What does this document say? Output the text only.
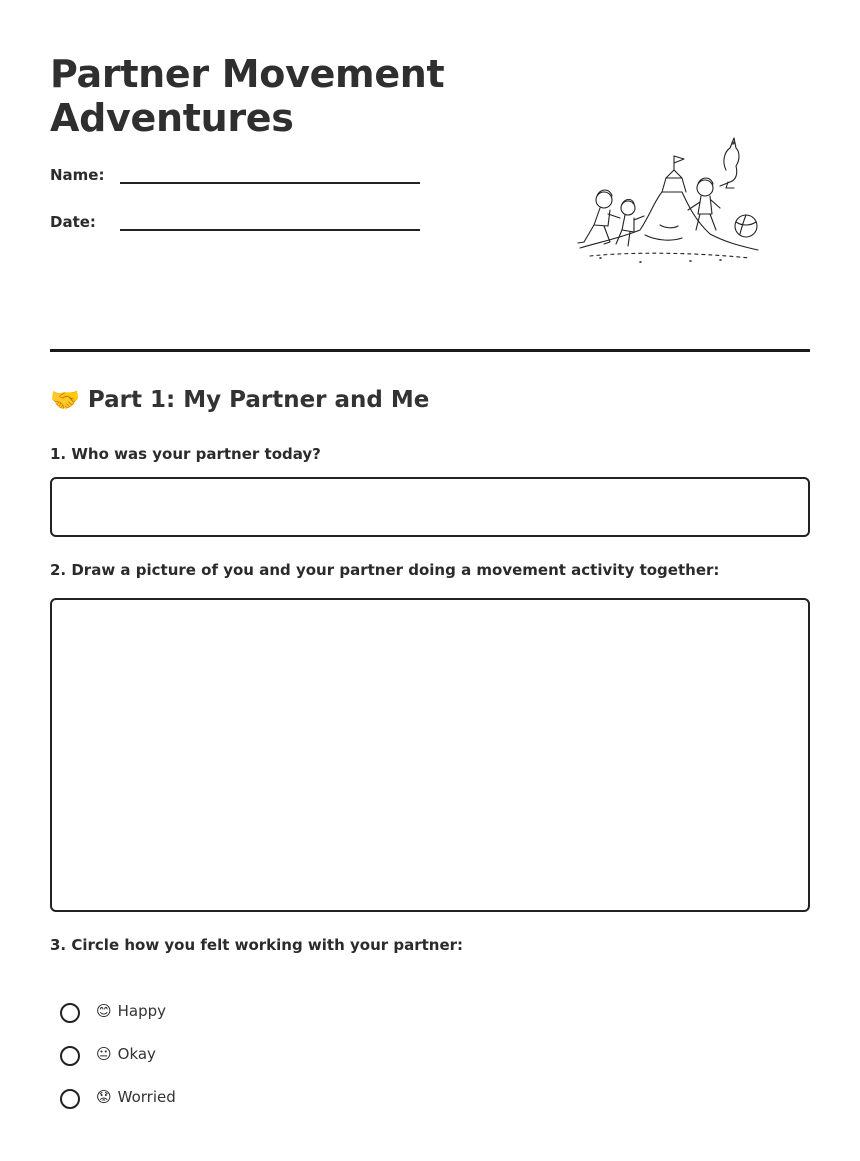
Partner Movement Adventures
Name:
Date:
🤝 Part 1: My Partner and Me
1. Who was your partner today?
2. Draw a picture of you and your partner doing a movement activity together:
3. Circle how you felt working with your partner:
😊 Happy
😐 Okay
😟 Worried
